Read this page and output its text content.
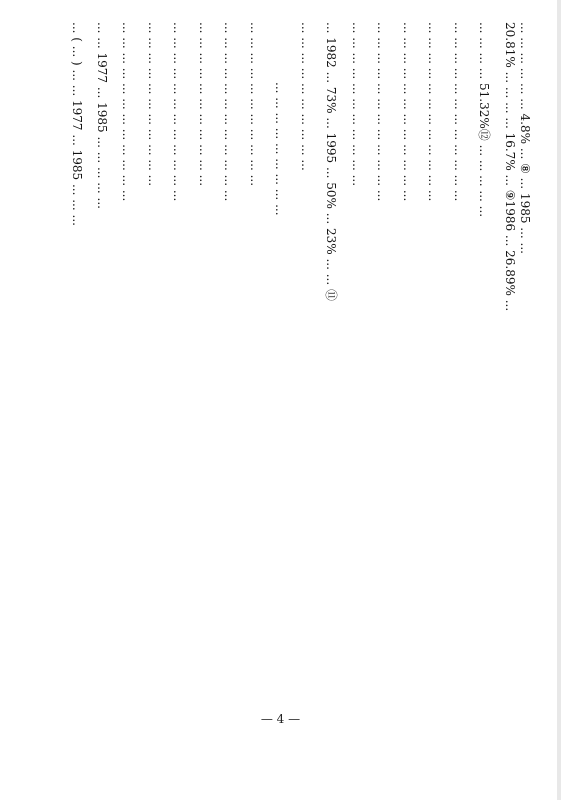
... ( ... ) ... ... 1977 ... 1985 ... ... ... ... ... 1977 ... 1985 ... ... ... ... ... ... ... ... ... ... ... ... ... ... ... ... ... ... ... ... ... ... ... ... ... ... ... ... ... ... ... ... ... ... ... ... ... ... ... ... ... ... ... ... ... ... ... ... ... ... ... ... ... ... ... ... ... ... ... ... ... ... ... ... ... ... ... ... ... ... ... ... ... ... ... ... ... ... ... ... ... ... ... ... ... ... ... ... ... ... ... ... ... ... 1982 ... 73% ... 1995 ... 50% ... 23% ... ... ⑪ ... ... ... ... ... ... ... ... ... ... ... ... ... ... ... ... ... ... ... ... ... ... ... ... ... ... ... ... ... ... ... ... ... ... ... ... ... ... ... ... ... ... ... ... ... ... ... ... ... ... ... ... ... ... ... ... ... ... ... ... ... ... ... 51.32%⑫ ... ... ... ... ... 20.81% ... ... ... ... 16.7% ... ⑨1986 ... 26.89% ... ... ... ... ... ... ... 4.8% ... ⑧ ... 1985 ... ...
— 4 —
